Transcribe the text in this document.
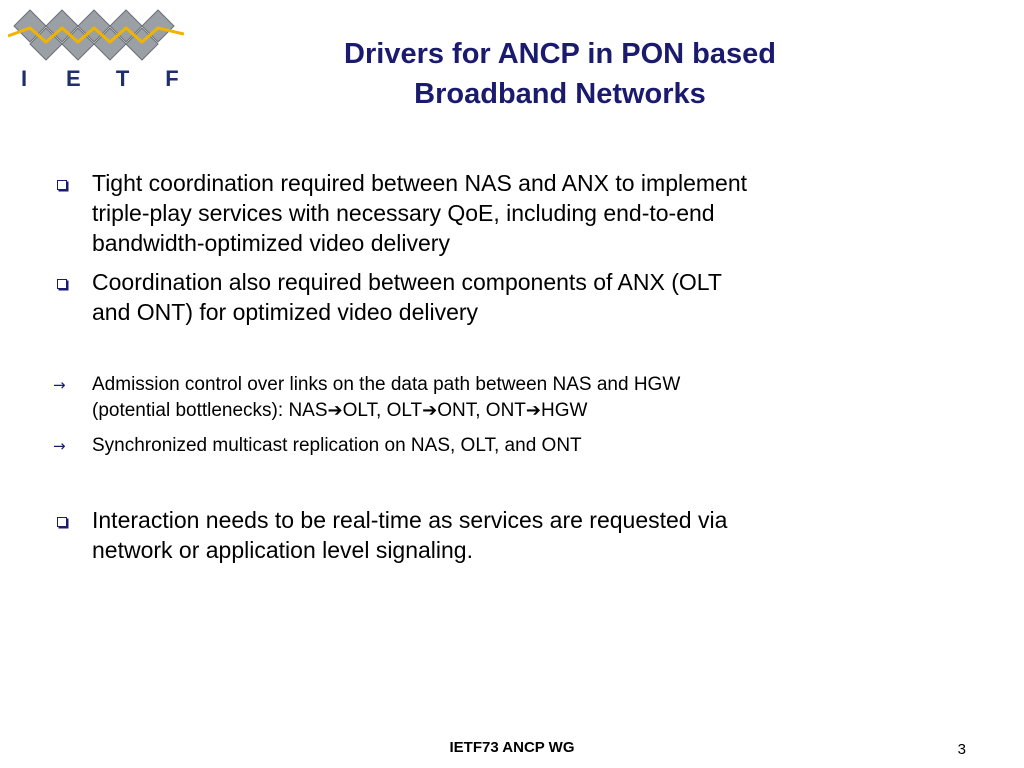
I	E T F
Drivers for ANCP in PON based
Broadband Networks
Tight coordination required between NAS and ANX to implement
triple-play services with necessary QoE, including end-to-end
bandwidth-optimized video delivery
Coordination also required between components of ANX (OLT
and ONT) for optimized video delivery
→ Admission control over links on the data path between NAS and HGW
(potential bottlenecks): NAS➔OLT, OLT➔ONT, ONT➔HGW
→ Synchronized multicast replication on NAS, OLT, and ONT
Interaction needs to be real-time as services are requested via
network or application level signaling.
IETF73 ANCP WG	3
